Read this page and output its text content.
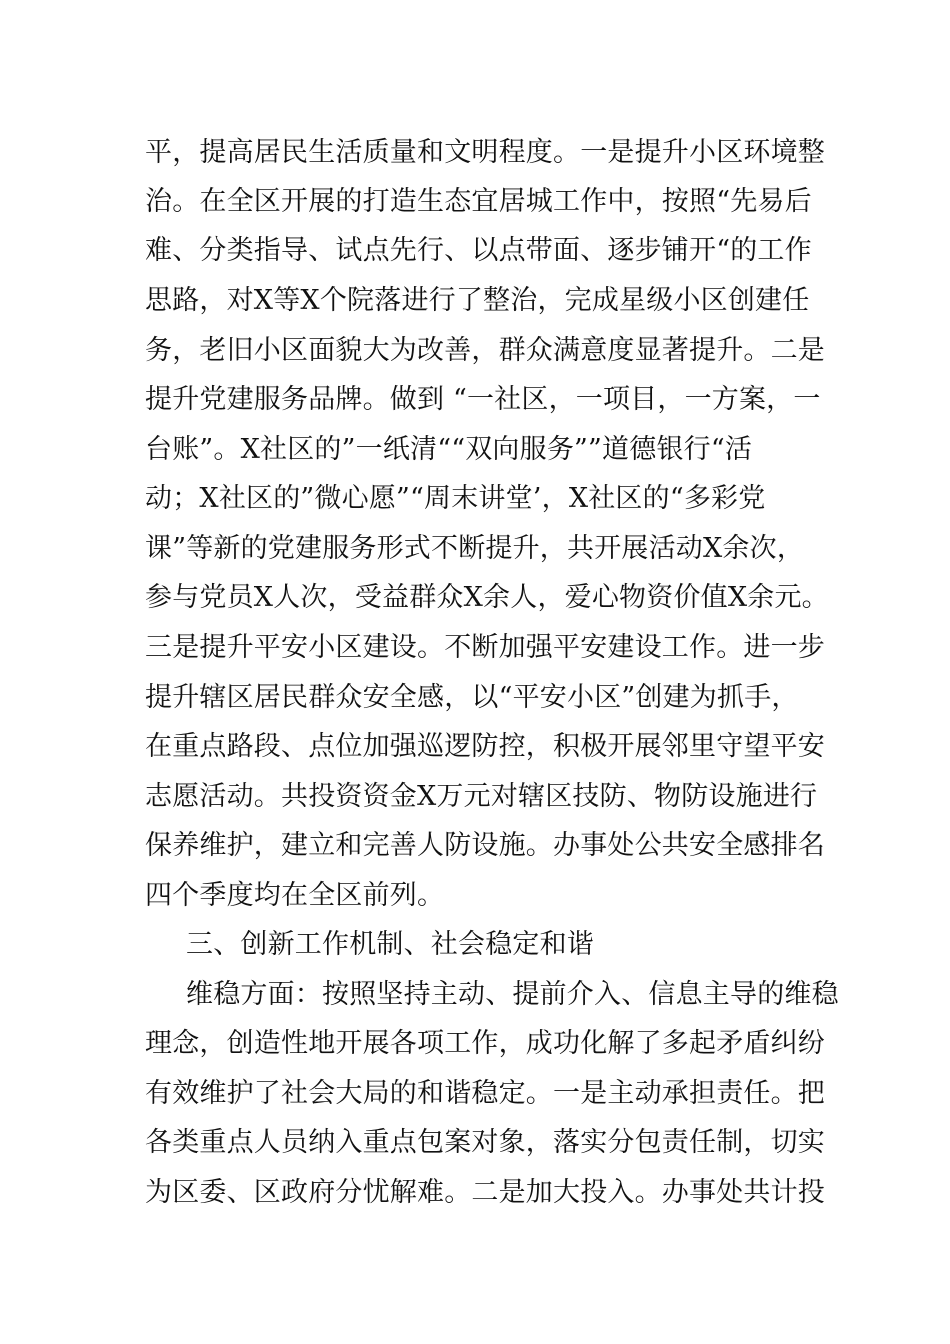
平，提高居民生活质量和文明程度。一是提升小区环境整
治。在全区开展的打造生态宜居城工作中，按照“先易后
难、分类指导、试点先行、以点带面、逐步铺开“的工作
思路，对X等X个院落进行了整治，完成星级小区创建任
务，老旧小区面貌大为改善，群众满意度显著提升。二是
提升党建服务品牌。做到 “一社区，一项目，一方案，一
台账”。X社区的”一纸清““双向服务””道德银行“活
动；X社区的”微心愿”“周末讲堂’，X社区的“多彩党
课”等新的党建服务形式不断提升，共开展活动X余次，
参与党员X人次，受益群众X余人，爱心物资价值X余元。
三是提升平安小区建设。不断加强平安建设工作。进一步
提升辖区居民群众安全感，以“平安小区”创建为抓手，
在重点路段、点位加强巡逻防控，积极开展邻里守望平安
志愿活动。共投资资金X万元对辖区技防、物防设施进行
保养维护，建立和完善人防设施。办事处公共安全感排名
四个季度均在全区前列。
三、创新工作机制、社会稳定和谐
维稳方面：按照坚持主动、提前介入、信息主导的维稳
理念，创造性地开展各项工作，成功化解了多起矛盾纠纷
有效维护了社会大局的和谐稳定。一是主动承担责任。把
各类重点人员纳入重点包案对象，落实分包责任制，切实
为区委、区政府分忧解难。二是加大投入。办事处共计投
